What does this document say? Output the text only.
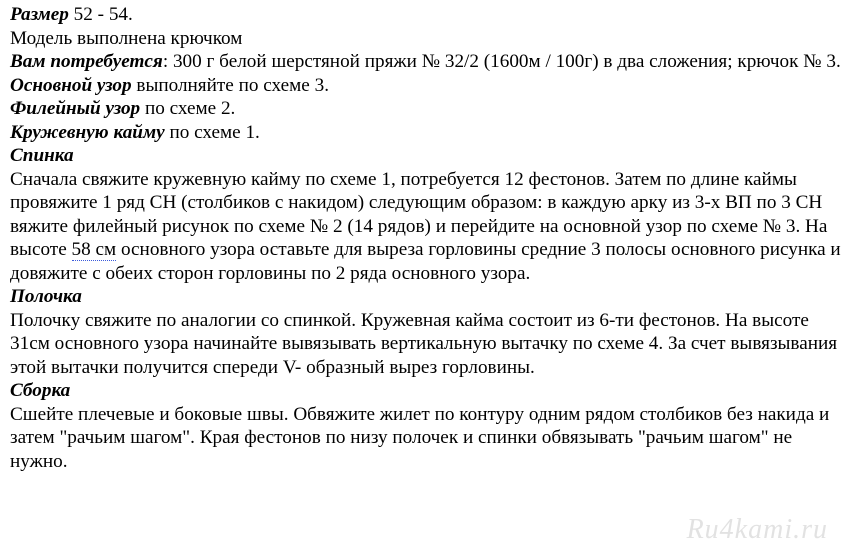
Размер 52 - 54.
Модель выполнена крючком
Вам потребуется: 300 г белой шерстяной пряжи № 32/2 (1600м / 100г) в два сложения; крючок № 3.
Основной узор выполняйте по схеме 3.
Филейный узор по схеме 2.
Кружевную кайму по схеме 1.
Спинка
Сначала свяжите кружевную кайму по схеме 1, потребуется 12 фестонов. Затем по длине каймы провяжите 1 ряд СН (столбиков с накидом) следующим образом: в каждую арку из 3-х ВП по 3 СН
вяжите филейный рисунок по схеме № 2 (14 рядов) и перейдите на основной узор по схеме № 3. На высоте 58 см основного узора оставьте для выреза горловины средние 3 полосы основного рисунка и довяжите с обеих сторон горловины по 2 ряда основного узора.
Полочка
Полочку свяжите по аналогии со спинкой. Кружевная кайма состоит из 6-ти фестонов. На высоте 31см основного узора начинайте вывязывать вертикальную вытачку по схеме 4. За счет вывязывания
этой вытачки получится спереди V- образный вырез горловины.
Сборка
Сшейте плечевые и боковые швы. Обвяжите жилет по контуру одним рядом столбиков без накида и затем "рачьим шагом". Края фестонов по низу полочек и спинки обвязывать "рачьим шагом" не нужно.
Ru4kami.ru
